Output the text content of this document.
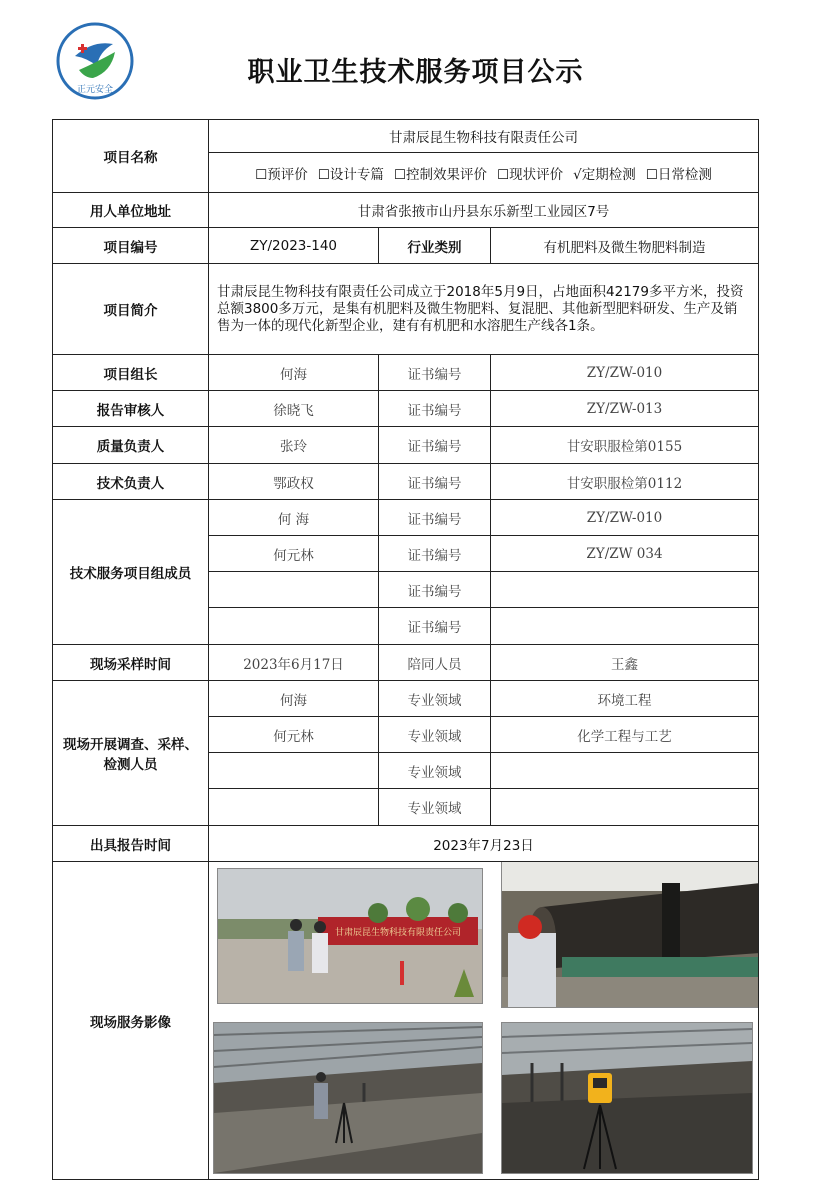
正元安全
职业卫生技术服务项目公示
项目名称	甘肃辰昆生物科技有限责任公司		
	☐预评价 ☐设计专篇 ☐控制效果评价 ☐现状评价 √定期检测 ☐日常检测		
用人单位地址	甘肃省张掖市山丹县东乐新型工业园区7号		
项目编号	ZY/2023-140	行业类别	有机肥料及微生物肥料制造
项目简介	甘肃辰昆生物科技有限责任公司成立于2018年5月9日，占地面积42179多平方米，投资总额3800多万元，是集有机肥料及微生物肥料、复混肥、其他新型肥料研发、生产及销售为一体的现代化新型企业，建有有机肥和水溶肥生产线各1条。		
项目组长	何海	证书编号	ZY/ZW-010
报告审核人	徐晓飞	证书编号	ZY/ZW-013
质量负责人	张玲	证书编号	甘安职服检第0155
技术负责人	鄂政权	证书编号	甘安职服检第0112
技术服务项目组成员	何 海	证书编号	ZY/ZW-010
	何元林	证书编号	ZY/ZW 034
		证书编号	
		证书编号	
现场采样时间	2023年6月17日	陪同人员	王鑫
现场开展调查、采样、检测人员	何海	专业领域	环境工程
	何元林	专业领域	化学工程与工艺
		专业领域	
		专业领域	
出具报告时间	2023年7月23日		
现场服务影像	甘肃辰昆生物科技有限责任公司		
